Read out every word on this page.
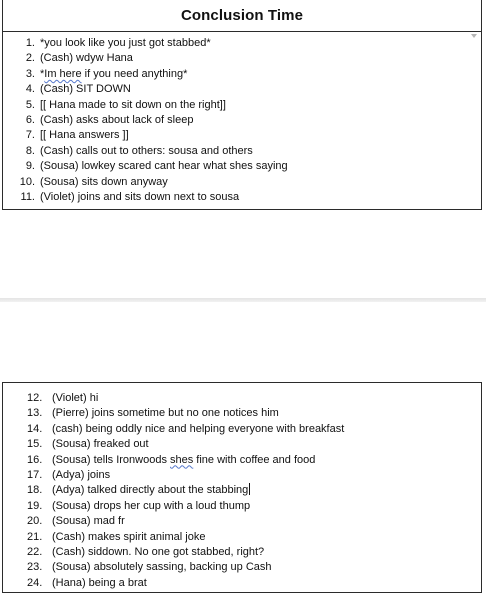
Conclusion Time
1. *you look like you just got stabbed*
2. (Cash) wdyw Hana
3. *Im here if you need anything*
4. (Cash) SIT DOWN
5. [[ Hana made to sit down on the right]]
6. (Cash) asks about lack of sleep
7. [[ Hana answers ]]
8. (Cash) calls out to others: sousa and others
9. (Sousa) lowkey scared cant hear what shes saying
10. (Sousa) sits down anyway
11. (Violet) joins and sits down next to sousa
12. (Violet) hi
13. (Pierre) joins sometime but no one notices him
14. (cash) being oddly nice and helping everyone with breakfast
15. (Sousa) freaked out
16. (Sousa) tells Ironwoods shes fine with coffee and food
17. (Adya) joins
18. (Adya) talked directly about the stabbing
19. (Sousa) drops her cup with a loud thump
20. (Sousa) mad fr
21. (Cash) makes spirit animal joke
22. (Cash) siddown. No one got stabbed, right?
23. (Sousa) absolutely sassing, backing up Cash
24. (Hana) being a brat
